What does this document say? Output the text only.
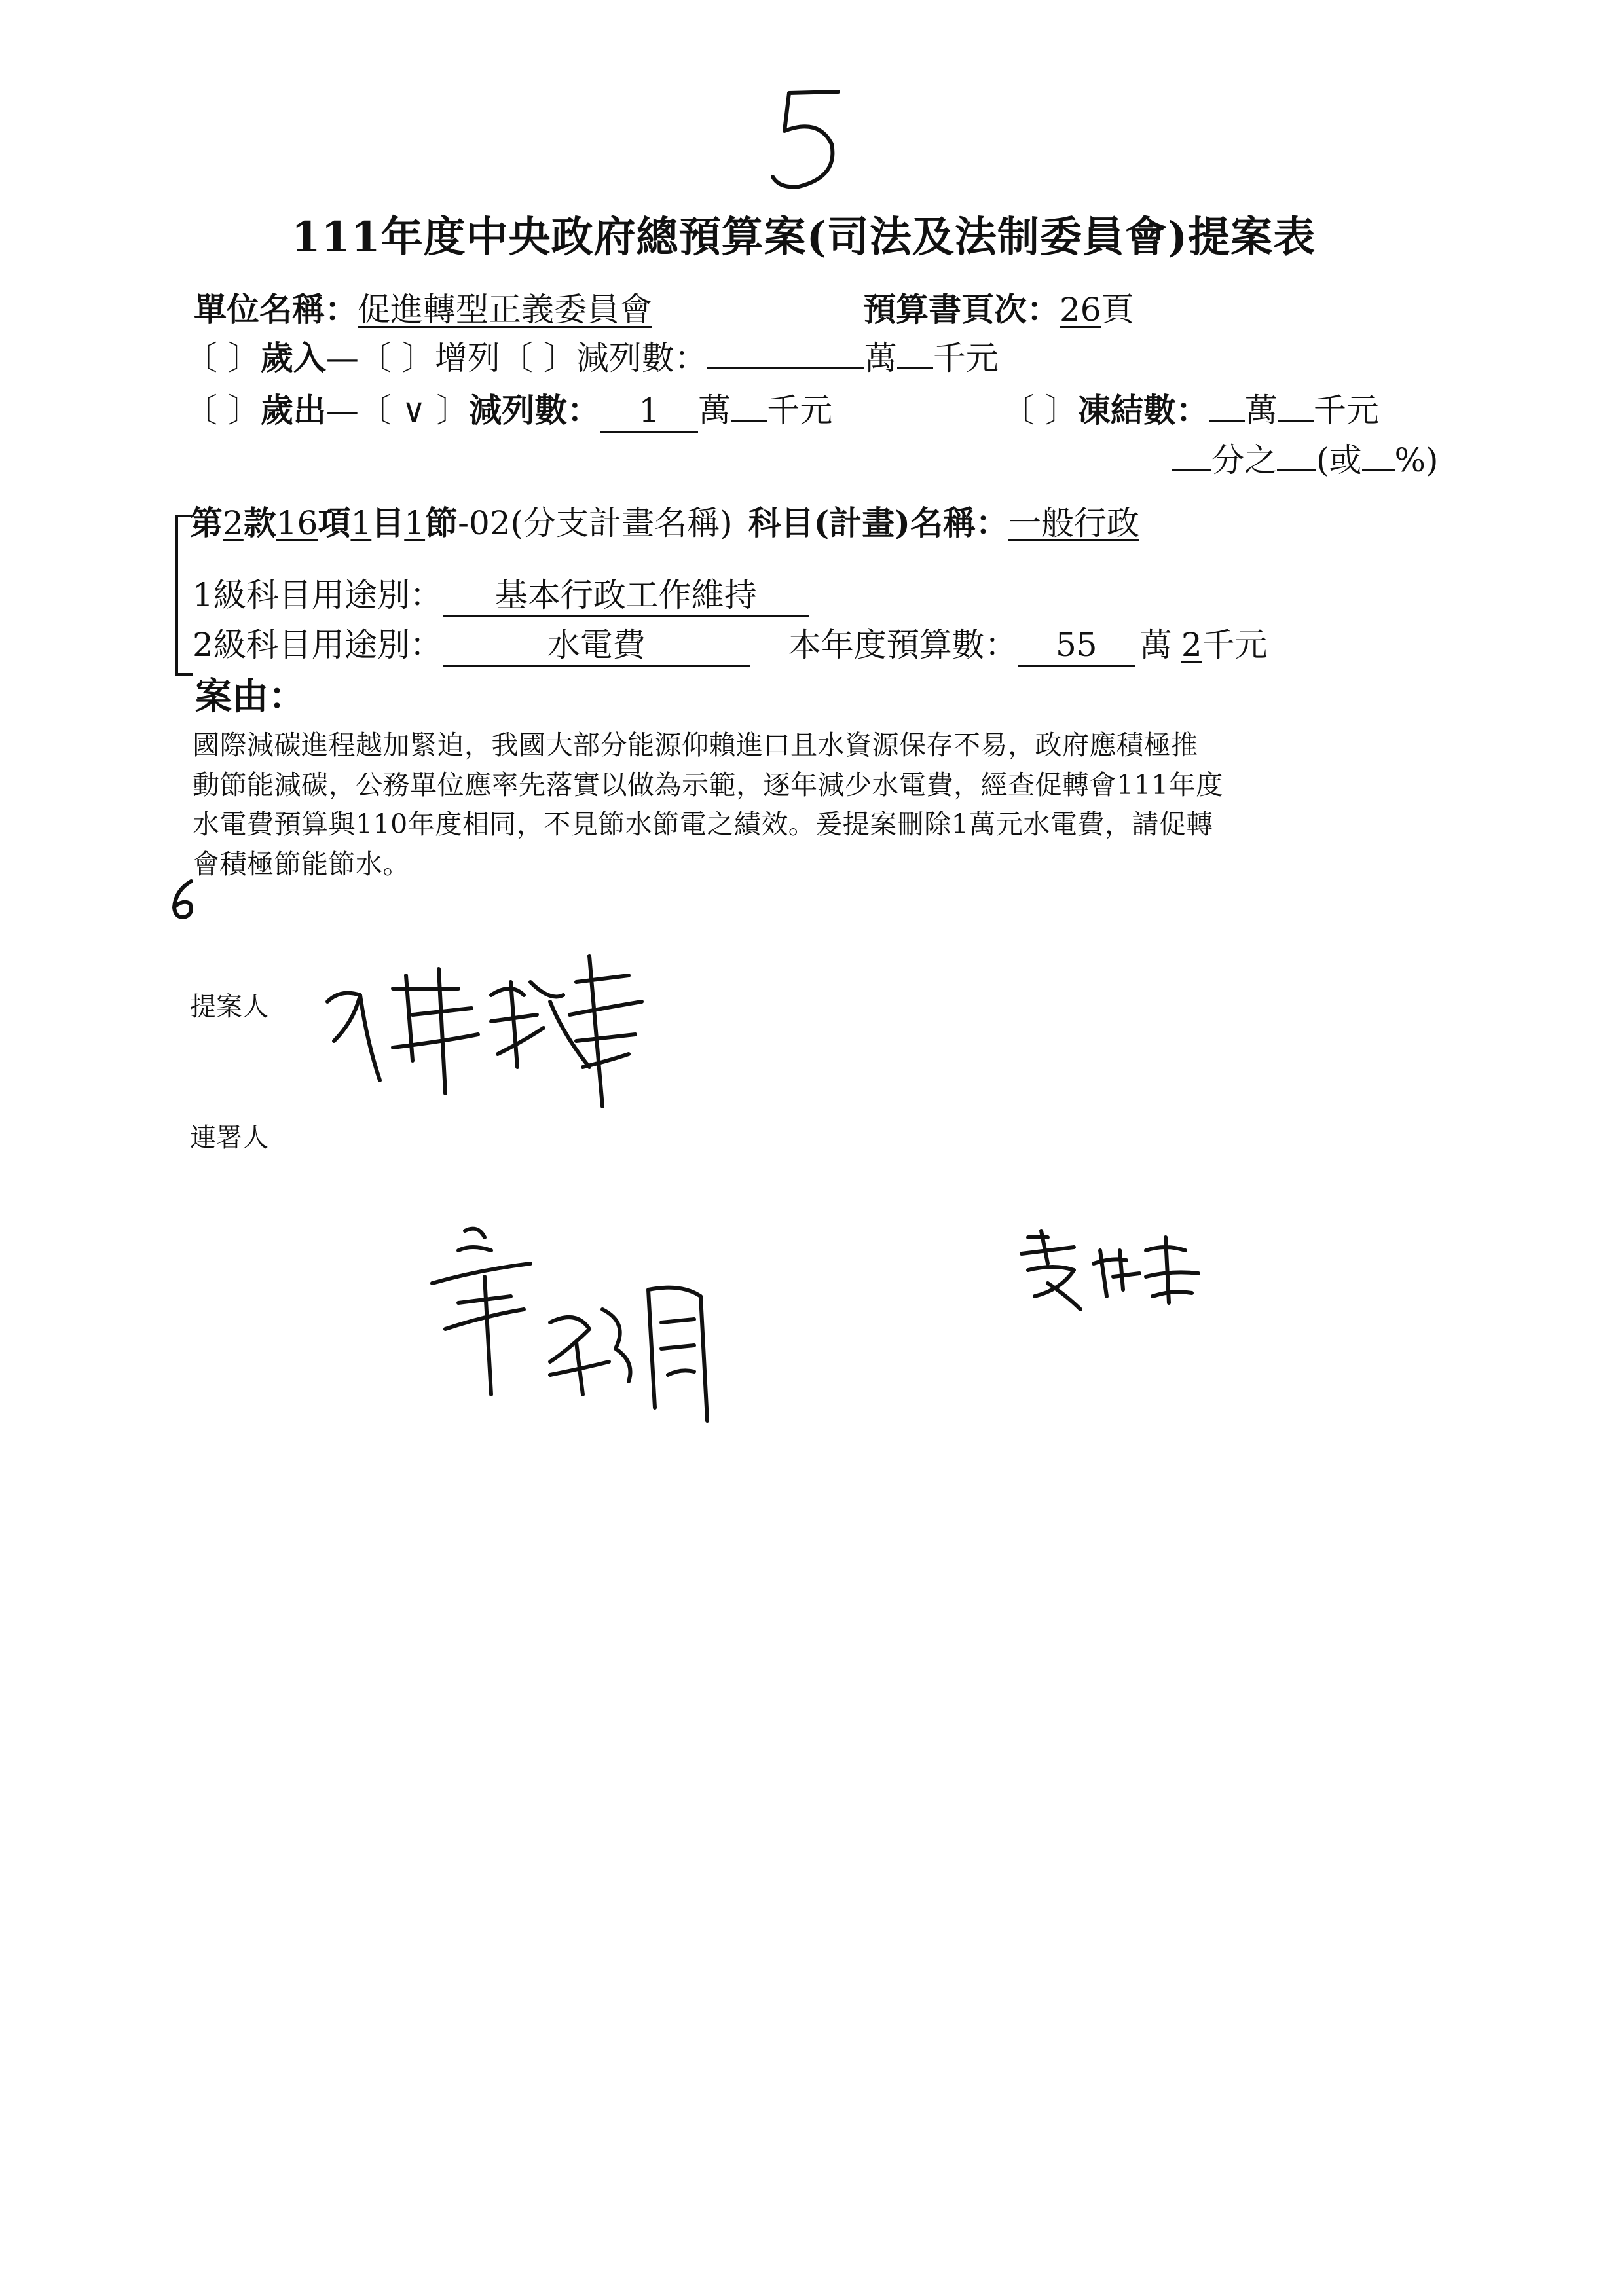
111年度中央政府總預算案(司法及法制委員會)提案表
單位名稱：促進轉型正義委員會	預算書頁次：26頁
〔 〕歲入—〔 〕增列〔 〕減列數：	萬 千元
〔 〕歲出—〔 ∨ 〕減列數： 1 萬 千元	〔 〕凍結數： 萬 千元
分之 (或 %)
第2款16項1目1節-02(分支計畫名稱) 科目(計畫)名稱：一般行政
1級科目用途別： 基本行政工作維持
2級科目用途別：	水電費	本年度預算數： 55 萬 2千元
案由：
國際減碳進程越加緊迫，我國大部分能源仰賴進口且水資源保存不易，政府應積極推
動節能減碳，公務單位應率先落實以做為示範，逐年減少水電費，經查促轉會111年度
水電費預算與110年度相同，不見節水節電之績效。爰提案刪除1萬元水電費，請促轉
會積極節能節水。
提案人
連署人
